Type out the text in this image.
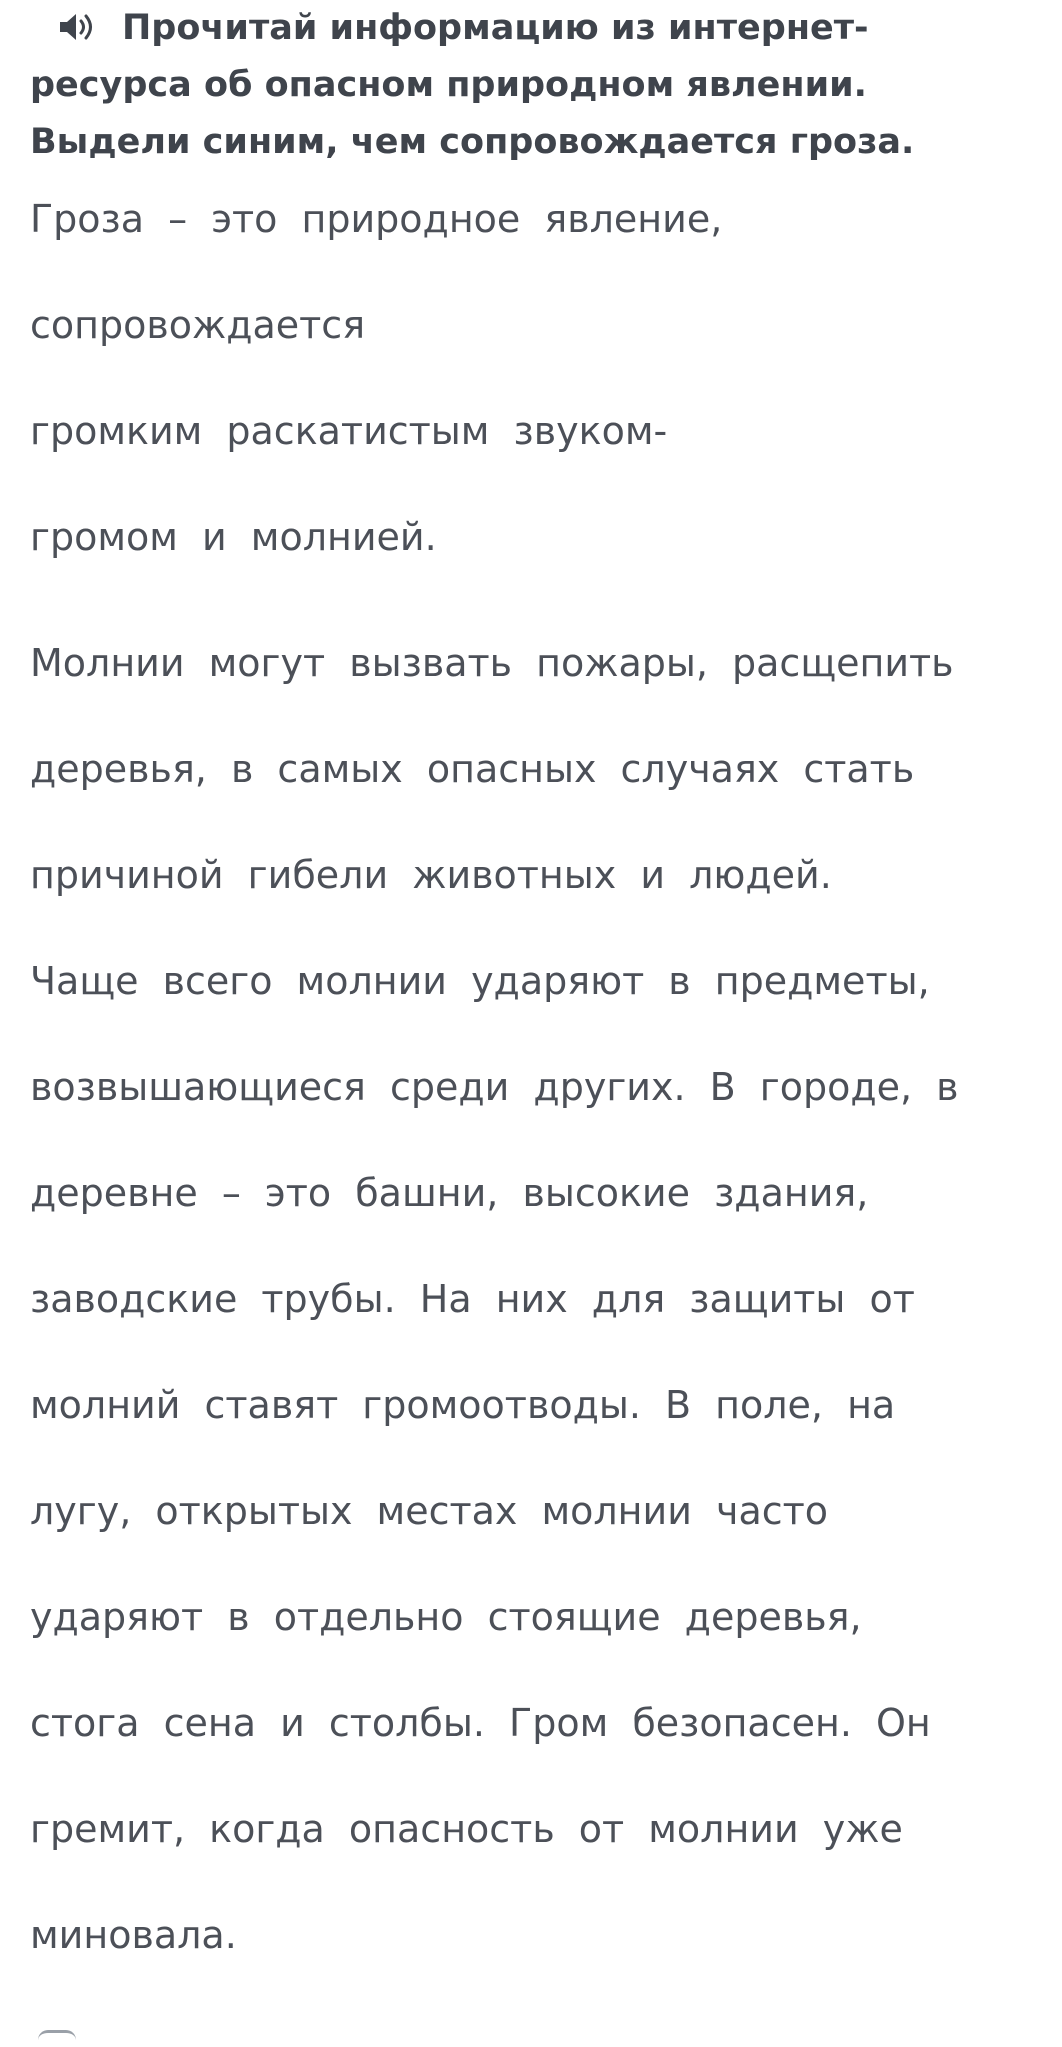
Прочитай информацию из интернет-
ресурса об опасном природном явлении.
Выдели синим, чем сопровождается гроза.
Гроза – это природное явление,
сопровождается
громким раскатистым звуком-
громом и молнией.
Молнии могут вызвать пожары, расщепить
деревья, в самых опасных случаях стать
причиной гибели животных и людей.
Чаще всего молнии ударяют в предметы,
возвышающиеся среди других. В городе, в
деревне – это башни, высокие здания,
заводские трубы. На них для защиты от
молний ставят громоотводы. В поле, на
лугу, открытых местах молнии часто
ударяют в отдельно стоящие деревья,
стога сена и столбы. Гром безопасен. Он
гремит, когда опасность от молнии уже
миновала.
